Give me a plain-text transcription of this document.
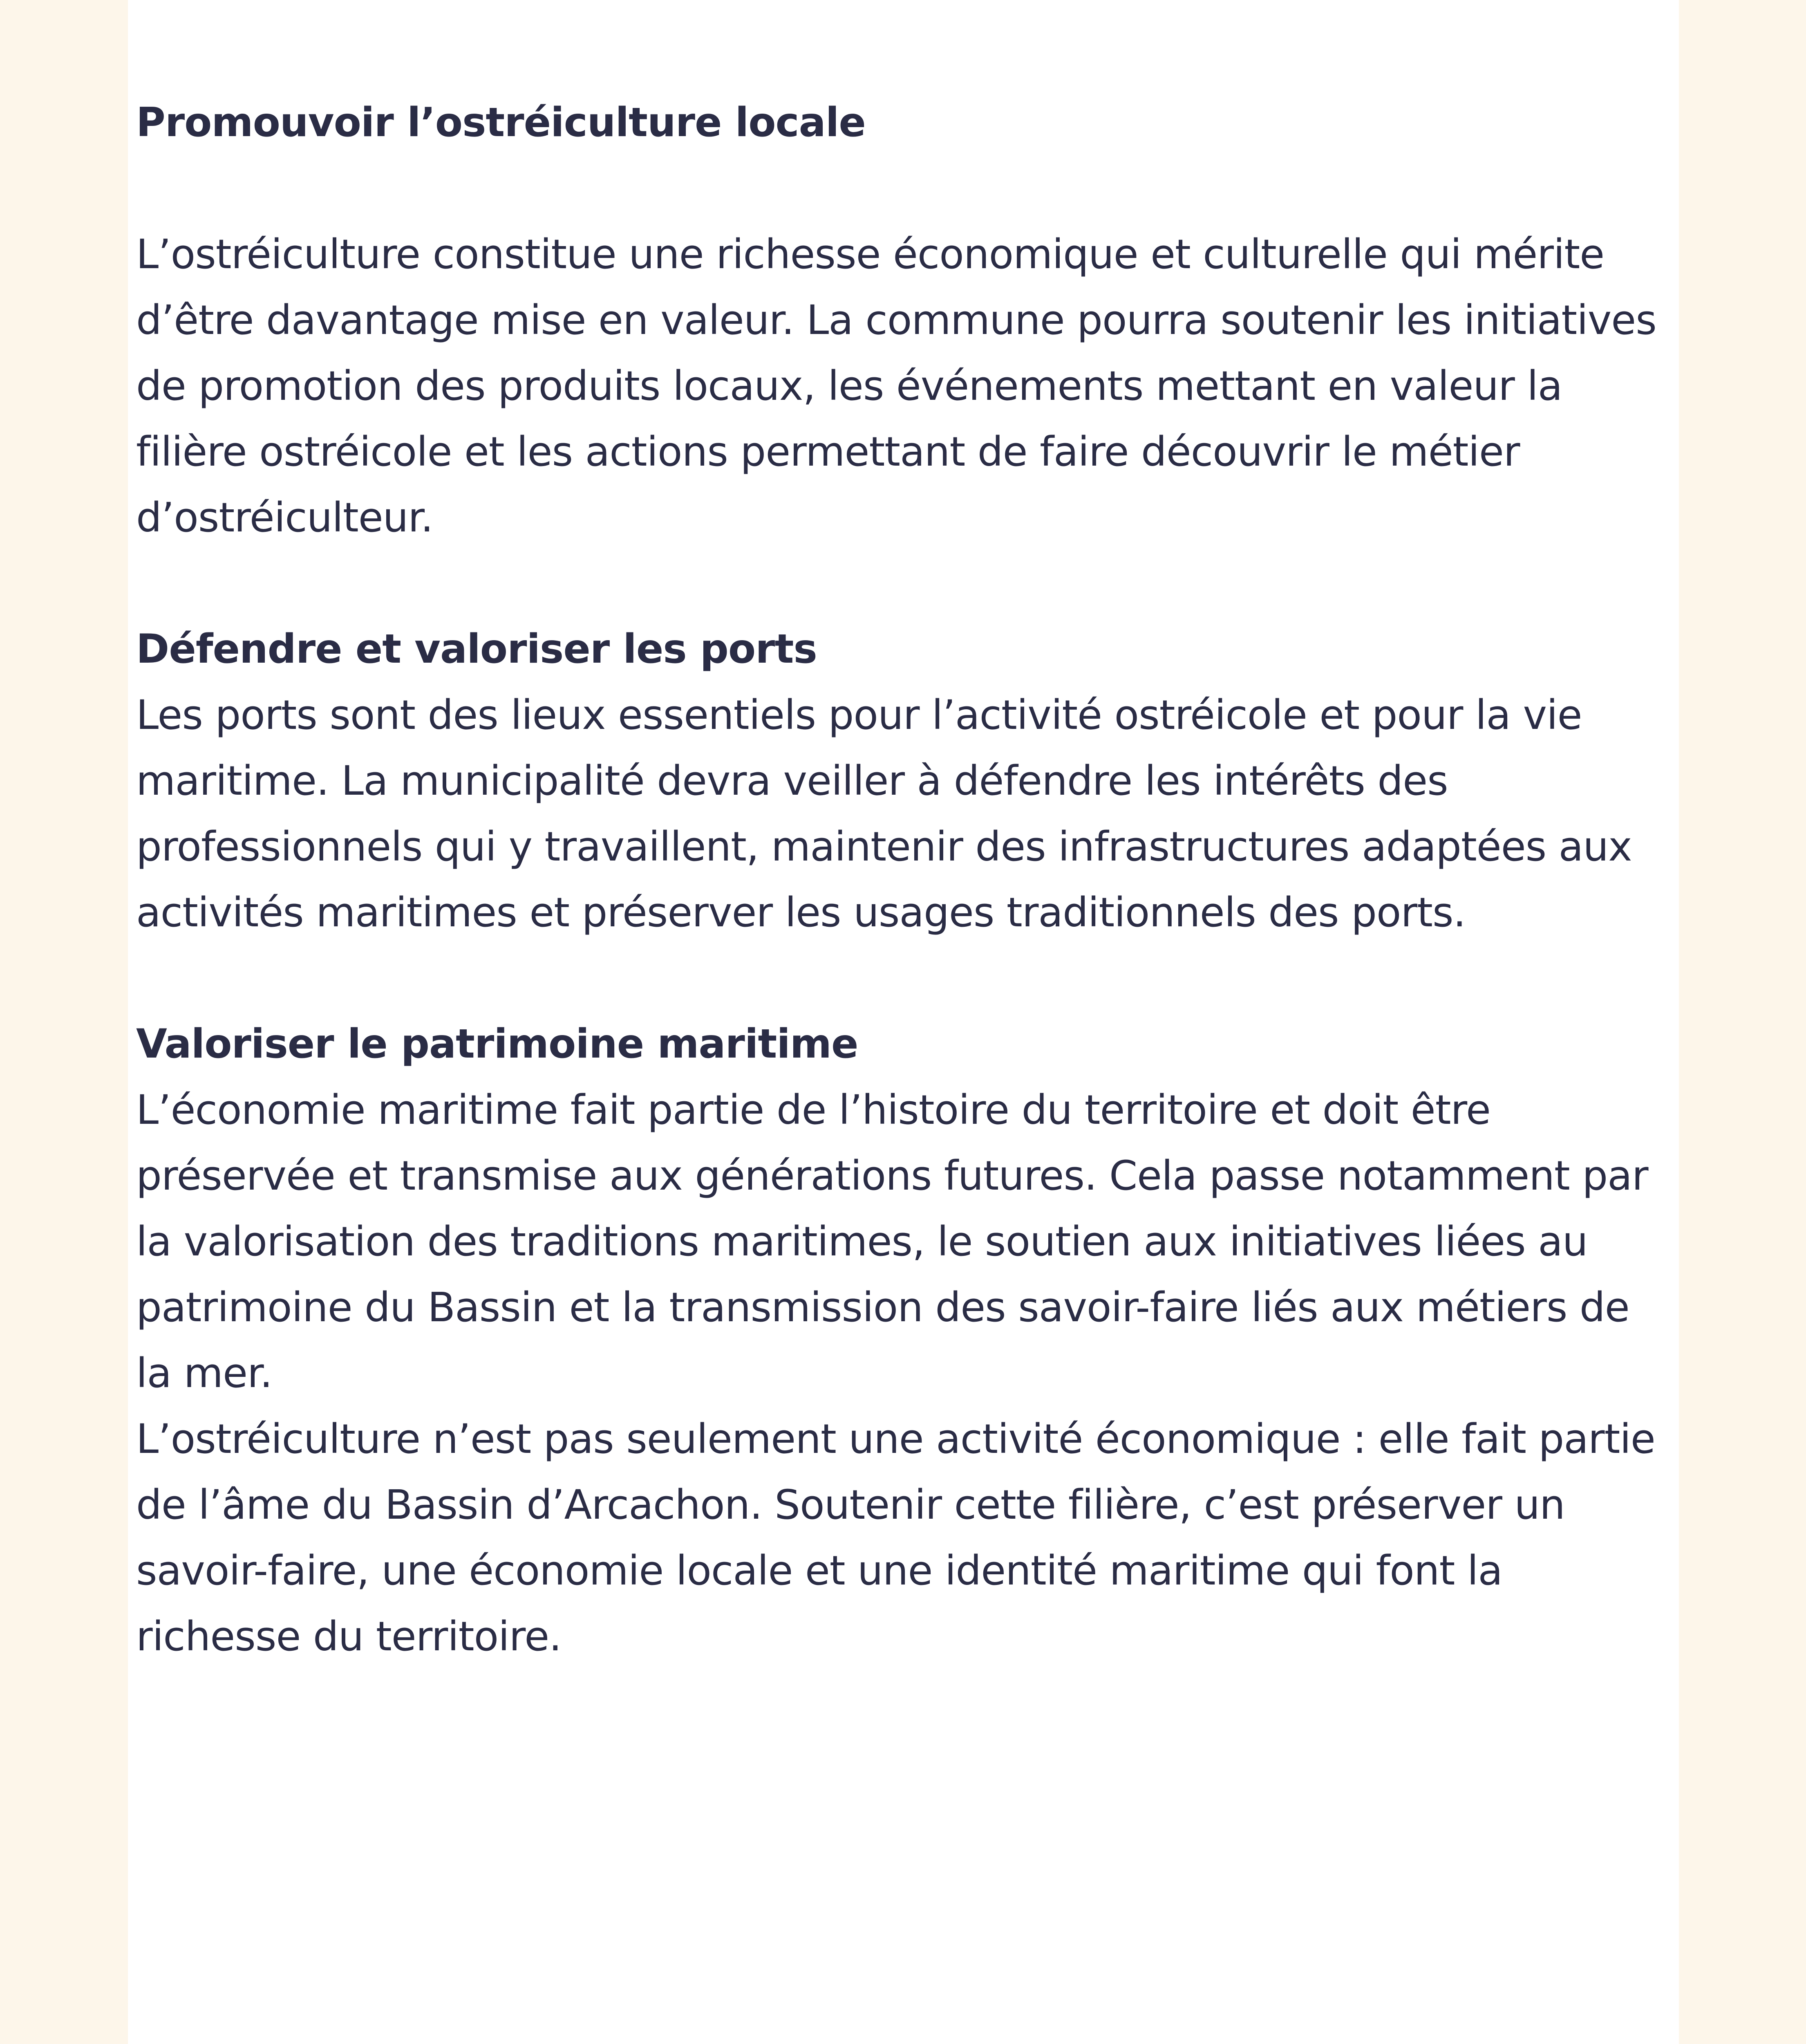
Promouvoir l’ostréiculture locale
L’ostréiculture constitue une richesse économique et culturelle qui mérite d’être davantage mise en valeur. La commune pourra soutenir les initiatives de promotion des produits locaux, les événements mettant en valeur la filière ostréicole et les actions permettant de faire découvrir le métier d’ostréiculteur.
Défendre et valoriser les ports
Les ports sont des lieux essentiels pour l’activité ostréicole et pour la vie maritime. La municipalité devra veiller à défendre les intérêts des professionnels qui y travaillent, maintenir des infrastructures adaptées aux activités maritimes et préserver les usages traditionnels des ports.
Valoriser le patrimoine maritime
L’économie maritime fait partie de l’histoire du territoire et doit être préservée et transmise aux générations futures. Cela passe notamment par la valorisation des traditions maritimes, le soutien aux initiatives liées au patrimoine du Bassin et la transmission des savoir-faire liés aux métiers de la mer.
L’ostréiculture n’est pas seulement une activité économique : elle fait partie de l’âme du Bassin d’Arcachon. Soutenir cette filière, c’est préserver un savoir-faire, une économie locale et une identité maritime qui font la richesse du territoire.
